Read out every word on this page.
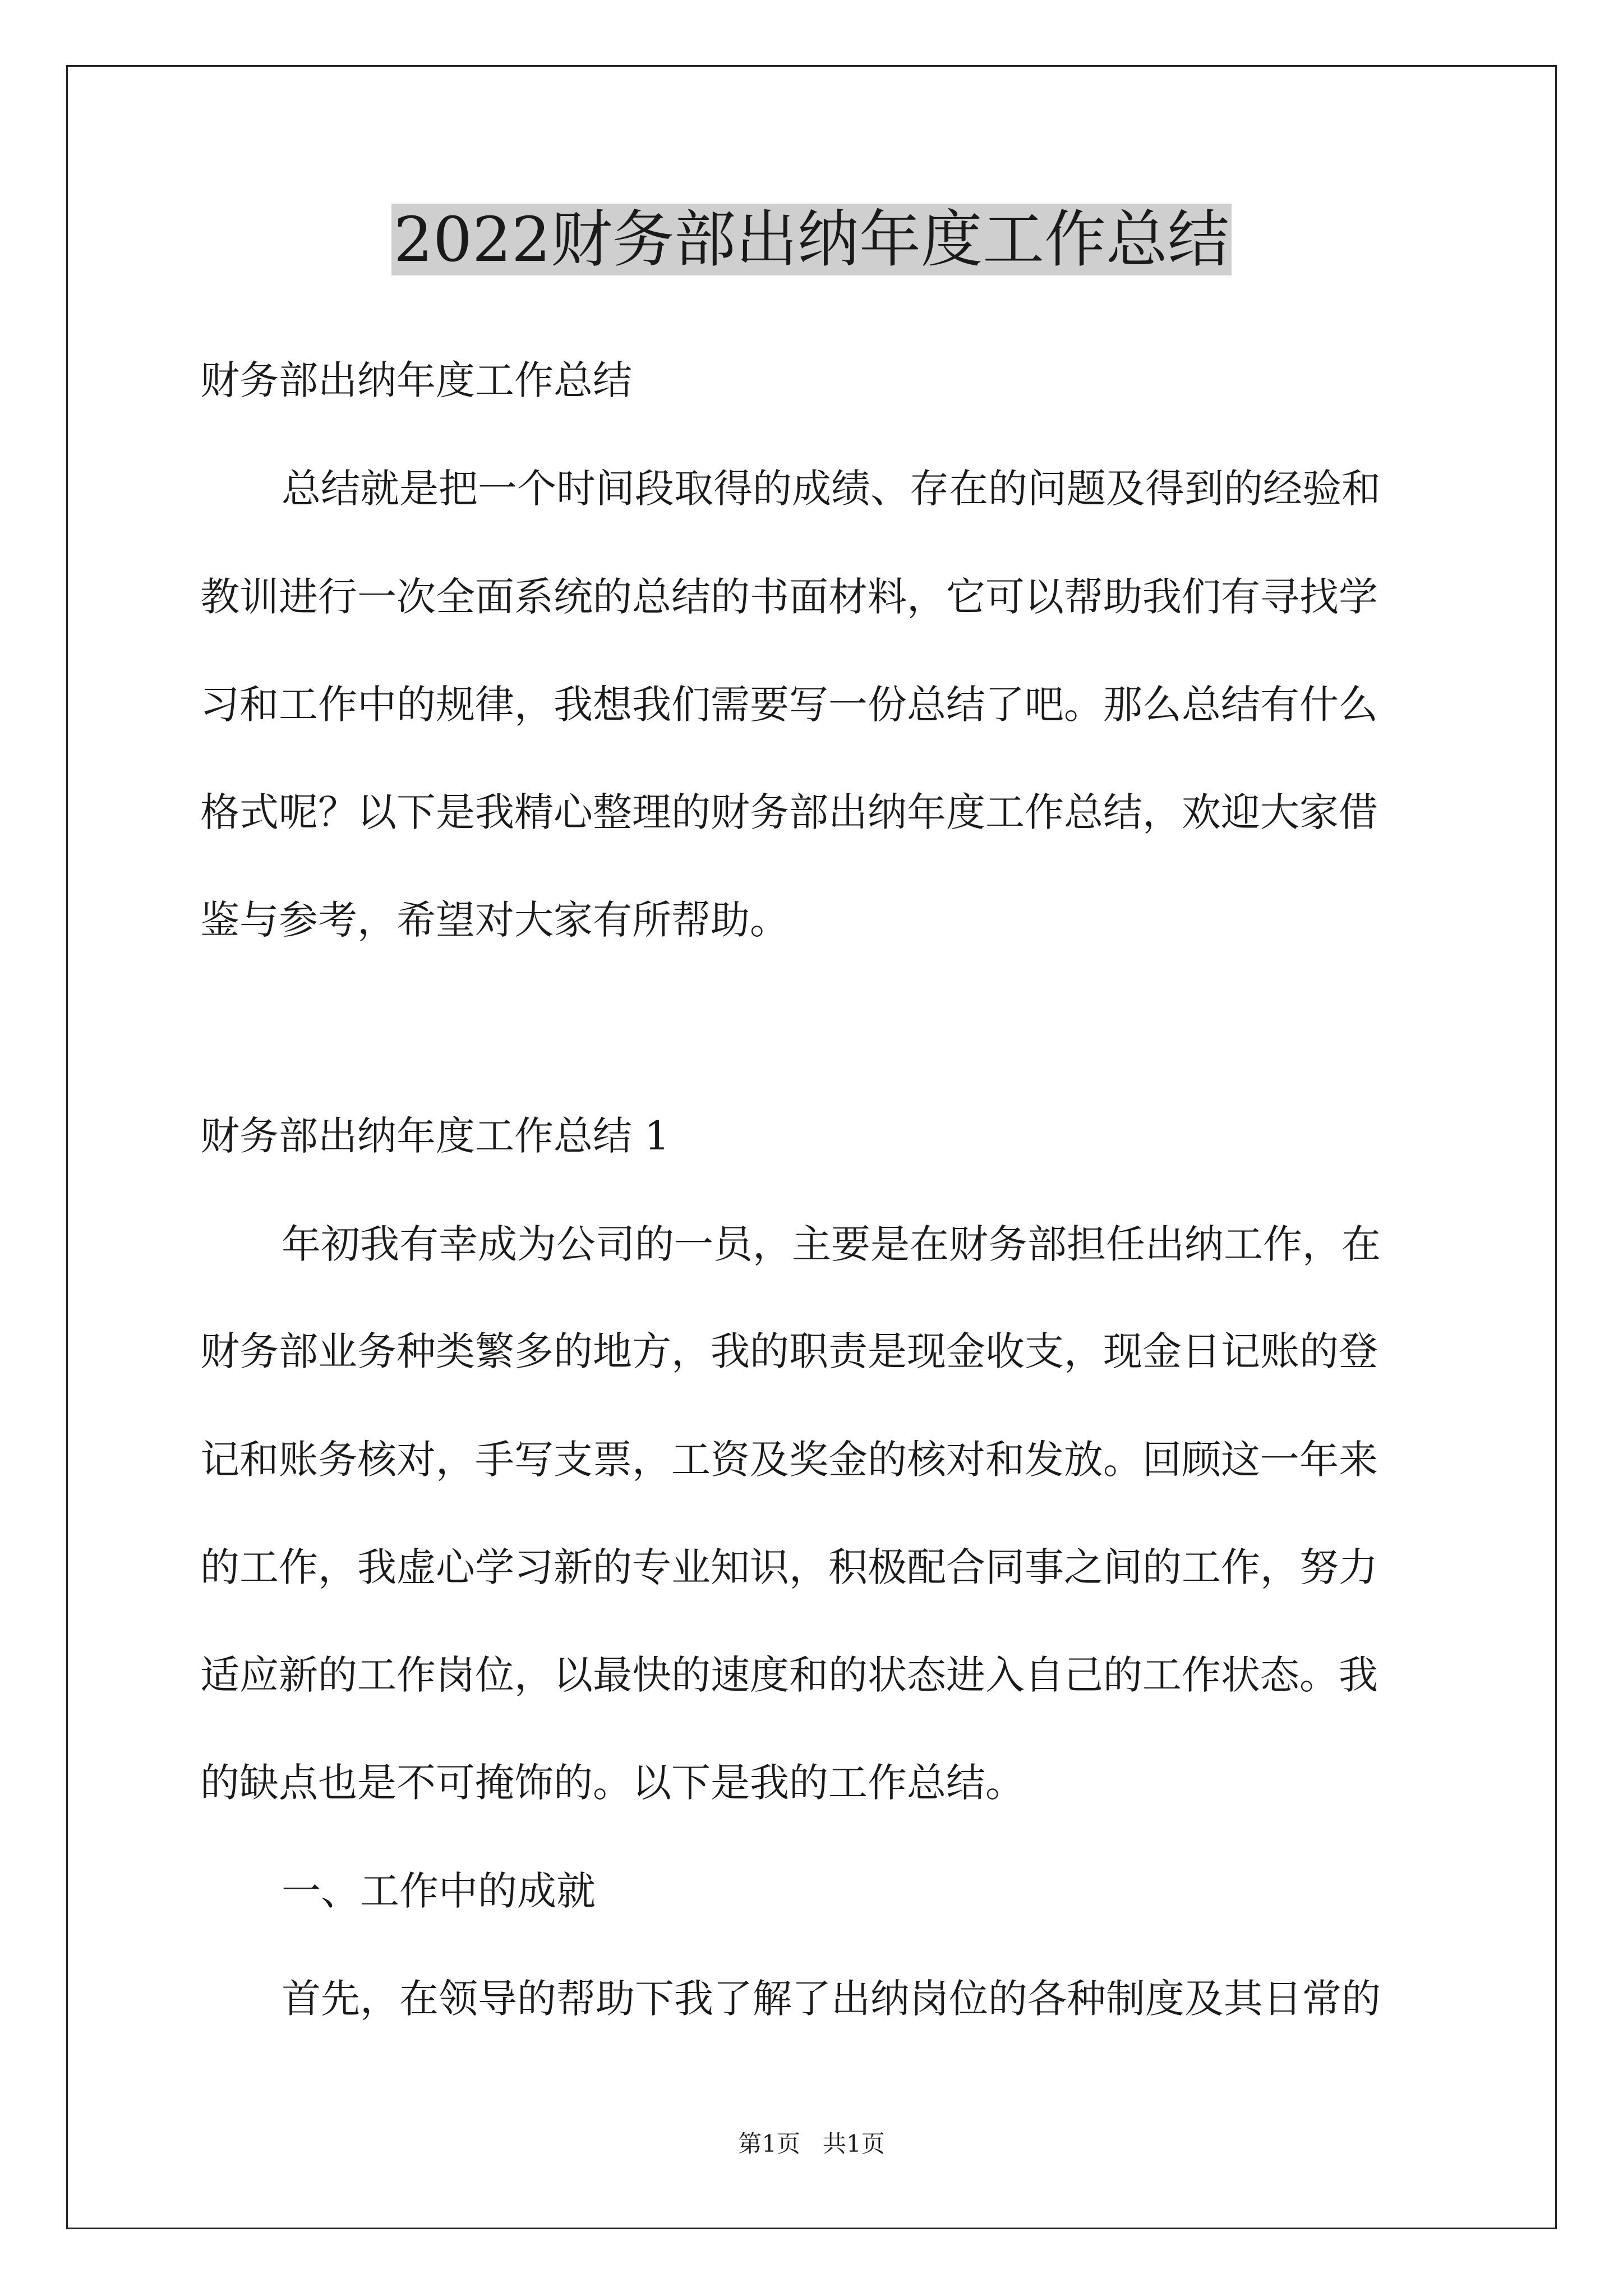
2022财务部出纳年度工作总结
财务部出纳年度工作总结
总结就是把一个时间段取得的成绩、存在的问题及得到的经验和
教训进行一次全面系统的总结的书面材料，它可以帮助我们有寻找学
习和工作中的规律，我想我们需要写一份总结了吧。那么总结有什么
格式呢？以下是我精心整理的财务部出纳年度工作总结，欢迎大家借
鉴与参考，希望对大家有所帮助。
财务部出纳年度工作总结 1
年初我有幸成为公司的一员，主要是在财务部担任出纳工作，在
财务部业务种类繁多的地方，我的职责是现金收支，现金日记账的登
记和账务核对，手写支票，工资及奖金的核对和发放。回顾这一年来
的工作，我虚心学习新的专业知识，积极配合同事之间的工作，努力
适应新的工作岗位，以最快的速度和的状态进入自己的工作状态。我
的缺点也是不可掩饰的。以下是我的工作总结。
一、工作中的成就
首先，在领导的帮助下我了解了出纳岗位的各种制度及其日常的
第1页   共1页
